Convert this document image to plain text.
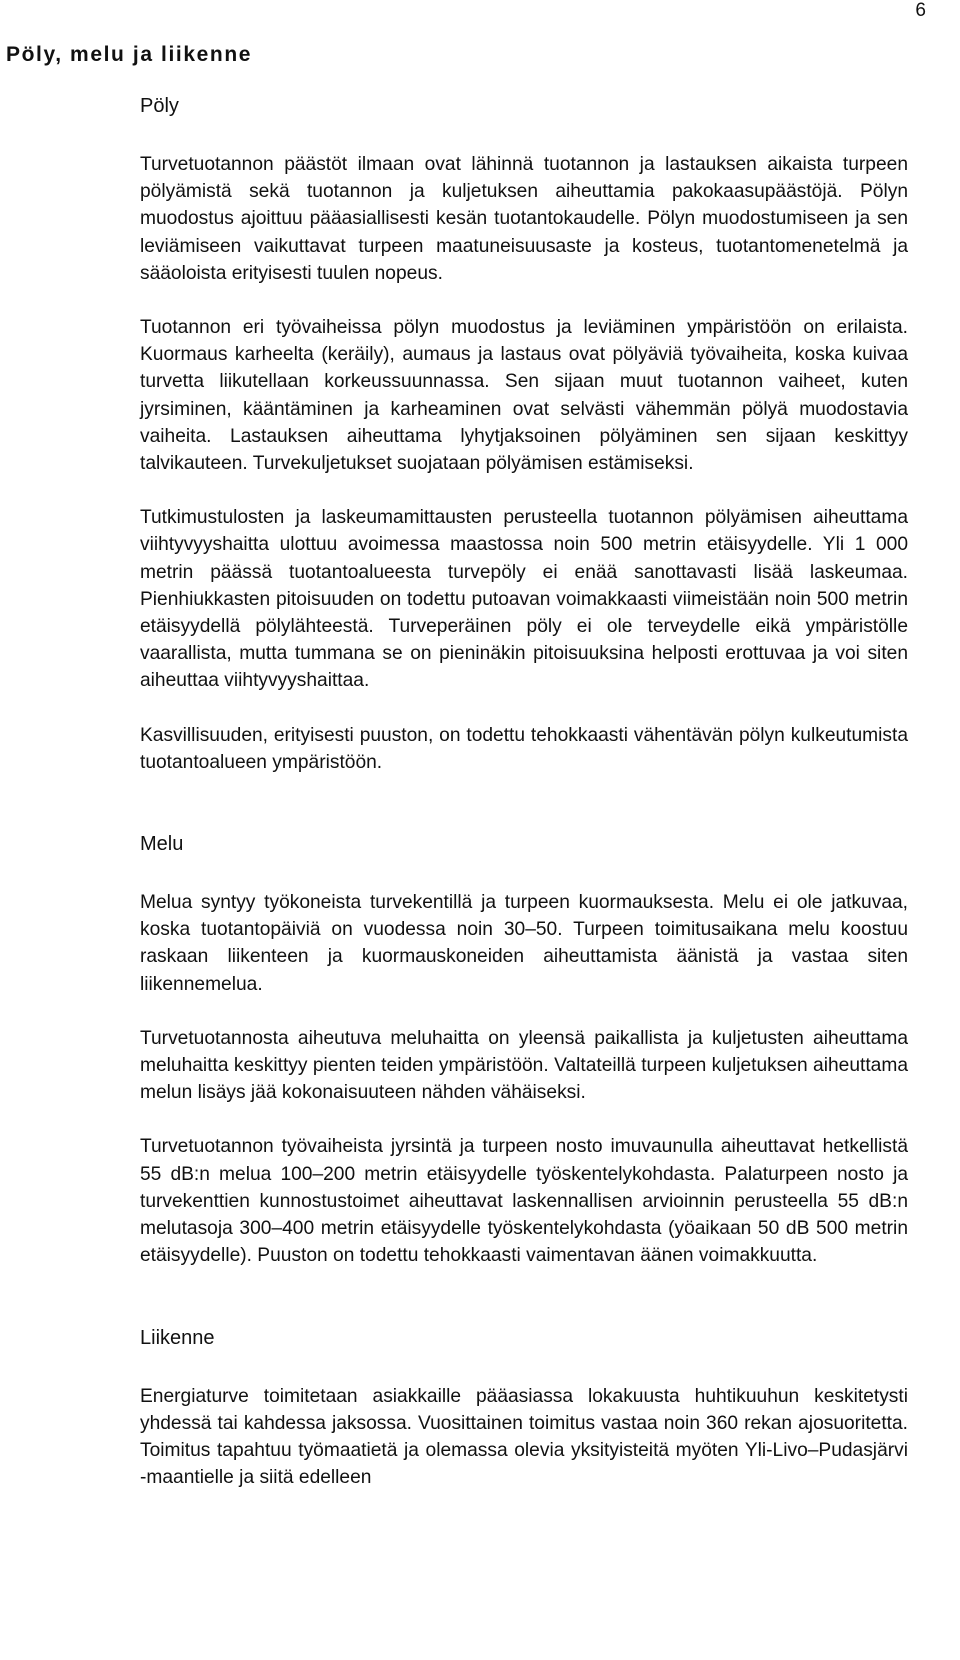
6
Pöly, melu ja liikenne
Pöly

Turvetuotannon päästöt ilmaan ovat lähinnä tuotannon ja lastauksen aikaista turpeen pölyämistä sekä tuotannon ja kuljetuksen aiheuttamia pakokaasupäästöjä. Pölyn muodostus ajoittuu pääasiallisesti kesän tuotantokaudelle. Pölyn muodostumiseen ja sen leviämiseen vaikuttavat turpeen maatuneisuusaste ja kosteus, tuotantomenetelmä ja sääoloista erityisesti tuulen nopeus.

Tuotannon eri työvaiheissa pölyn muodostus ja leviäminen ympäristöön on erilaista. Kuormaus karheelta (keräily), aumaus ja lastaus ovat pölyäviä työvaiheita, koska kuivaa turvetta liikutellaan korkeussuunnassa. Sen sijaan muut tuotannon vaiheet, kuten jyrsiminen, kääntäminen ja karheaminen ovat selvästi vähemmän pölyä muodostavia vaiheita. Lastauksen aiheuttama lyhytjaksoinen pölyäminen sen sijaan keskittyy talvikauteen. Turvekuljetukset suojataan pölyämisen estämiseksi.

Tutkimustulosten ja laskeumamittausten perusteella tuotannon pölyämisen aiheuttama viihtyvyyshaitta ulottuu avoimessa maastossa noin 500 metrin etäisyydelle. Yli 1 000 metrin päässä tuotantoalueesta turvepöly ei enää sanottavasti lisää laskeumaa. Pienhiukkasten pitoisuuden on todettu putoavan voimakkaasti viimeistään noin 500 metrin etäisyydellä pölylähteestä. Turveperäinen pöly ei ole terveydelle eikä ympäristölle vaarallista, mutta tummana se on pieninäkin pitoisuuksina helposti erottuvaa ja voi siten aiheuttaa viihtyvyyshaittaa.

Kasvillisuuden, erityisesti puuston, on todettu tehokkaasti vähentävän pölyn kulkeutumista tuotantoalueen ympäristöön.

Melu

Melua syntyy työkoneista turvekentillä ja turpeen kuormauksesta. Melu ei ole jatkuvaa, koska tuotantopäiviä on vuodessa noin 30–50. Turpeen toimitusaikana melu koostuu raskaan liikenteen ja kuormauskoneiden aiheuttamista äänistä ja vastaa siten liikennemelua.

Turvetuotannosta aiheutuva meluhaitta on yleensä paikallista ja kuljetusten aiheuttama meluhaitta keskittyy pienten teiden ympäristöön. Valtateillä turpeen kuljetuksen aiheuttama melun lisäys jää kokonaisuuteen nähden vähäiseksi.

Turvetuotannon työvaiheista jyrsintä ja turpeen nosto imuvaunulla aiheuttavat hetkellistä 55 dB:n melua 100–200 metrin etäisyydelle työskentelykohdasta. Palaturpeen nosto ja turvekenttien kunnostustoimet aiheuttavat laskennallisen arvioinnin perusteella 55 dB:n melutasoja 300–400 metrin etäisyydelle työskentelykohdasta (yöaikaan 50 dB 500 metrin etäisyydelle). Puuston on todettu tehokkaasti vaimentavan äänen voimakkuutta.

Liikenne

Energiaturve toimitetaan asiakkaille pääasiassa lokakuusta huhtikuuhun keskitetysti yhdessä tai kahdessa jaksossa. Vuosittainen toimitus vastaa noin 360 rekan ajosuoritetta. Toimitus tapahtuu työmaatietä ja olemassa olevia yksityisteitä myöten Yli-Livo–Pudasjärvi -maantielle ja siitä edelleen
